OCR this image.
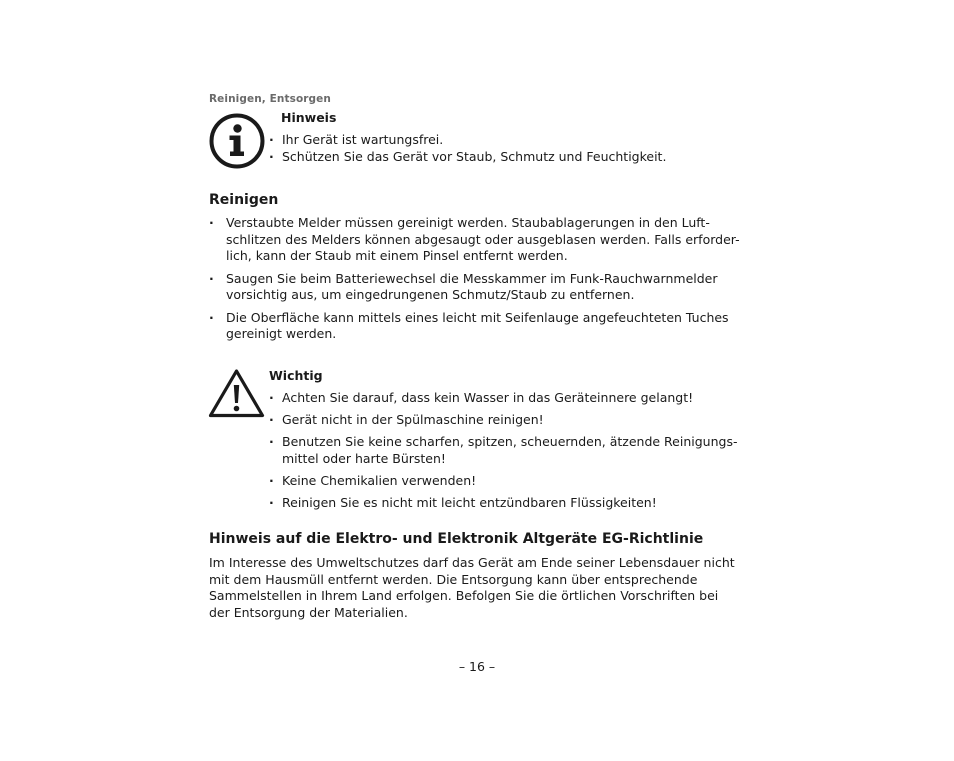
Reinigen, Entsorgen
Hinweis
· Ihr Gerät ist wartungsfrei.
· Schützen Sie das Gerät vor Staub, Schmutz und Feuchtigkeit.
Reinigen
· Verstaubte Melder müssen gereinigt werden. Staubablagerungen in den Luft-
schlitzen des Melders können abgesaugt oder ausgeblasen werden. Falls erforder-
lich, kann der Staub mit einem Pinsel entfernt werden.
· Saugen Sie beim Batteriewechsel die Messkammer im Funk-Rauchwarnmelder
vorsichtig aus, um eingedrungenen Schmutz/Staub zu entfernen.
· Die Oberfläche kann mittels eines leicht mit Seifenlauge angefeuchteten Tuches
gereinigt werden.
Wichtig
· Achten Sie darauf, dass kein Wasser in das Geräteinnere gelangt!
· Gerät nicht in der Spülmaschine reinigen!
· Benutzen Sie keine scharfen, spitzen, scheuernden, ätzende Reinigungs-
mittel oder harte Bürsten!
· Keine Chemikalien verwenden!
· Reinigen Sie es nicht mit leicht entzündbaren Flüssigkeiten!
Hinweis auf die Elektro- und Elektronik Altgeräte EG-Richtlinie
Im Interesse des Umweltschutzes darf das Gerät am Ende seiner Lebensdauer nicht
mit dem Hausmüll entfernt werden. Die Entsorgung kann über entsprechende
Sammelstellen in Ihrem Land erfolgen. Befolgen Sie die örtlichen Vorschriften bei
der Entsorgung der Materialien.
– 16 –
